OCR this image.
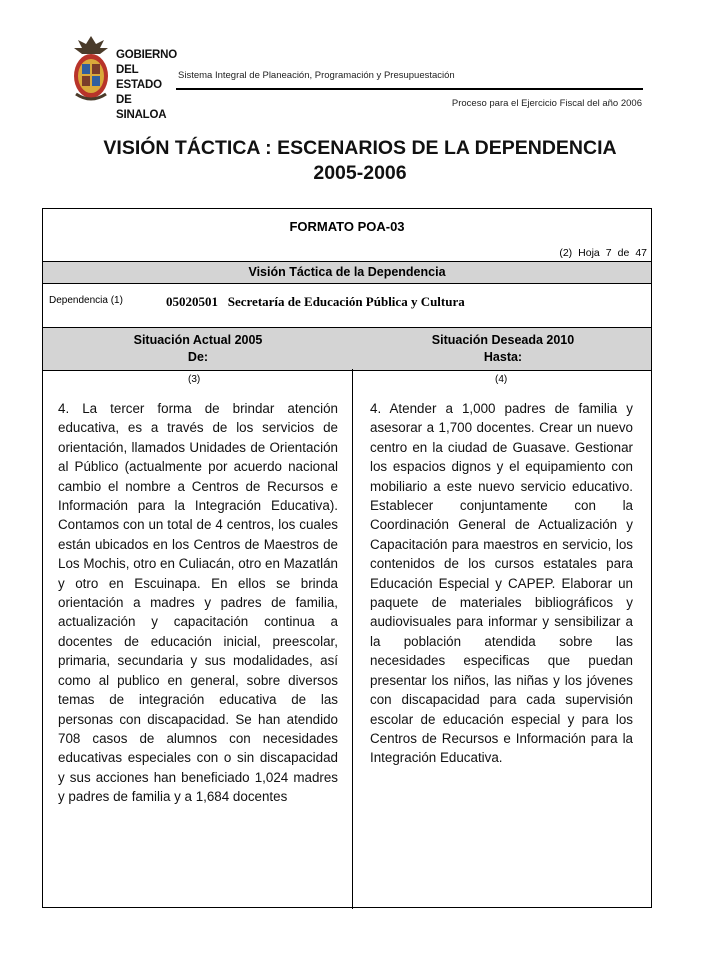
GOBIERNO
DEL ESTADO
DE SINALOA
Sistema Integral de Planeación, Programación y Presupuestación
Proceso para el Ejercicio Fiscal del año 2006
VISIÓN TÁCTICA : ESCENARIOS DE LA DEPENDENCIA
2005-2006
FORMATO POA-03
(2) Hoja 7 de 47
Visión Táctica de la Dependencia
Dependencia (1)	05020501   Secretaría de Educación Pública y Cultura
Situación Actual 2005
De:
Situación Deseada 2010
Hasta:
(3)	(4)
4. La tercer forma de brindar atención educativa, es a través de los servicios de orientación, llamados Unidades de Orientación al Público (actualmente por acuerdo nacional cambio el nombre a Centros de Recursos e Información para la Integración Educativa). Contamos con un total de 4 centros, los cuales están ubicados en los Centros de Maestros de Los Mochis, otro en Culiacán, otro en Mazatlán y otro en Escuinapa. En ellos se brinda orientación a madres y padres de familia, actualización y capacitación continua a docentes de educación inicial, preescolar, primaria, secundaria y sus modalidades, así como al publico en general, sobre diversos temas de integración educativa de las personas con discapacidad. Se han atendido 708 casos de alumnos con necesidades educativas especiales con o sin discapacidad y sus acciones han beneficiado 1,024 madres y padres de familia y a 1,684 docentes
4. Atender a 1,000 padres de familia y asesorar a 1,700 docentes. Crear un nuevo centro en la ciudad de Guasave. Gestionar los espacios dignos y el equipamiento con mobiliario a este nuevo servicio educativo. Establecer conjuntamente con la Coordinación General de Actualización y Capacitación para maestros en servicio, los contenidos de los cursos estatales para Educación Especial y CAPEP. Elaborar un paquete de materiales bibliográficos y audiovisuales para informar y sensibilizar a la población atendida sobre las necesidades especificas que puedan presentar los niños, las niñas y los jóvenes con discapacidad para cada supervisión escolar de educación especial y para los Centros de Recursos e Información para la Integración Educativa.
